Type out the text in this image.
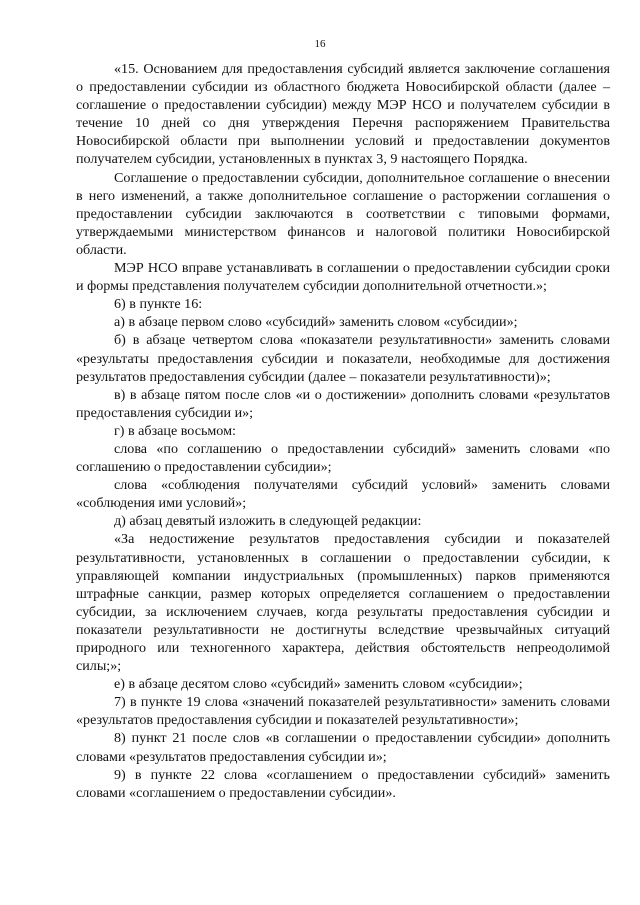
16

«15. Основанием для предоставления субсидий является заключение соглашения о предоставлении субсидии из областного бюджета Новосибирской области (далее – соглашение о предоставлении субсидии) между МЭР НСО и получателем субсидии в течение 10 дней со дня утверждения Перечня распоряжением Правительства Новосибирской области при выполнении условий и предоставлении документов получателем субсидии, установленных в пунктах 3, 9 настоящего Порядка.

Соглашение о предоставлении субсидии, дополнительное соглашение о внесении в него изменений, а также дополнительное соглашение о расторжении соглашения о предоставлении субсидии заключаются в соответствии с типовыми формами, утверждаемыми министерством финансов и налоговой политики Новосибирской области.

МЭР НСО вправе устанавливать в соглашении о предоставлении субсидии сроки и формы представления получателем субсидии дополнительной отчетности.»;

6) в пункте 16:

а) в абзаце первом слово «субсидий» заменить словом «субсидии»;

б) в абзаце четвертом слова «показатели результативности» заменить словами «результаты предоставления субсидии и показатели, необходимые для достижения результатов предоставления субсидии (далее – показатели результативности)»;

в) в абзаце пятом после слов «и о достижении» дополнить словами «результатов предоставления субсидии и»;

г) в абзаце восьмом:

слова «по соглашению о предоставлении субсидий» заменить словами «по соглашению о предоставлении субсидии»;

слова «соблюдения получателями субсидий условий» заменить словами «соблюдения ими условий»;

д) абзац девятый изложить в следующей редакции:

«За недостижение результатов предоставления субсидии и показателей результативности, установленных в соглашении о предоставлении субсидии, к управляющей компании индустриальных (промышленных) парков применяются штрафные санкции, размер которых определяется соглашением о предоставлении субсидии, за исключением случаев, когда результаты предоставления субсидии и показатели результативности не достигнуты вследствие чрезвычайных ситуаций природного или техногенного характера, действия обстоятельств непреодолимой силы;»;

е) в абзаце десятом слово «субсидий» заменить словом «субсидии»;

7) в пункте 19 слова «значений показателей результативности» заменить словами «результатов предоставления субсидии и показателей результативности»;

8) пункт 21 после слов «в соглашении о предоставлении субсидии» дополнить словами «результатов предоставления субсидии и»;

9) в пункте 22 слова «соглашением о предоставлении субсидий» заменить словами «соглашением о предоставлении субсидии».
